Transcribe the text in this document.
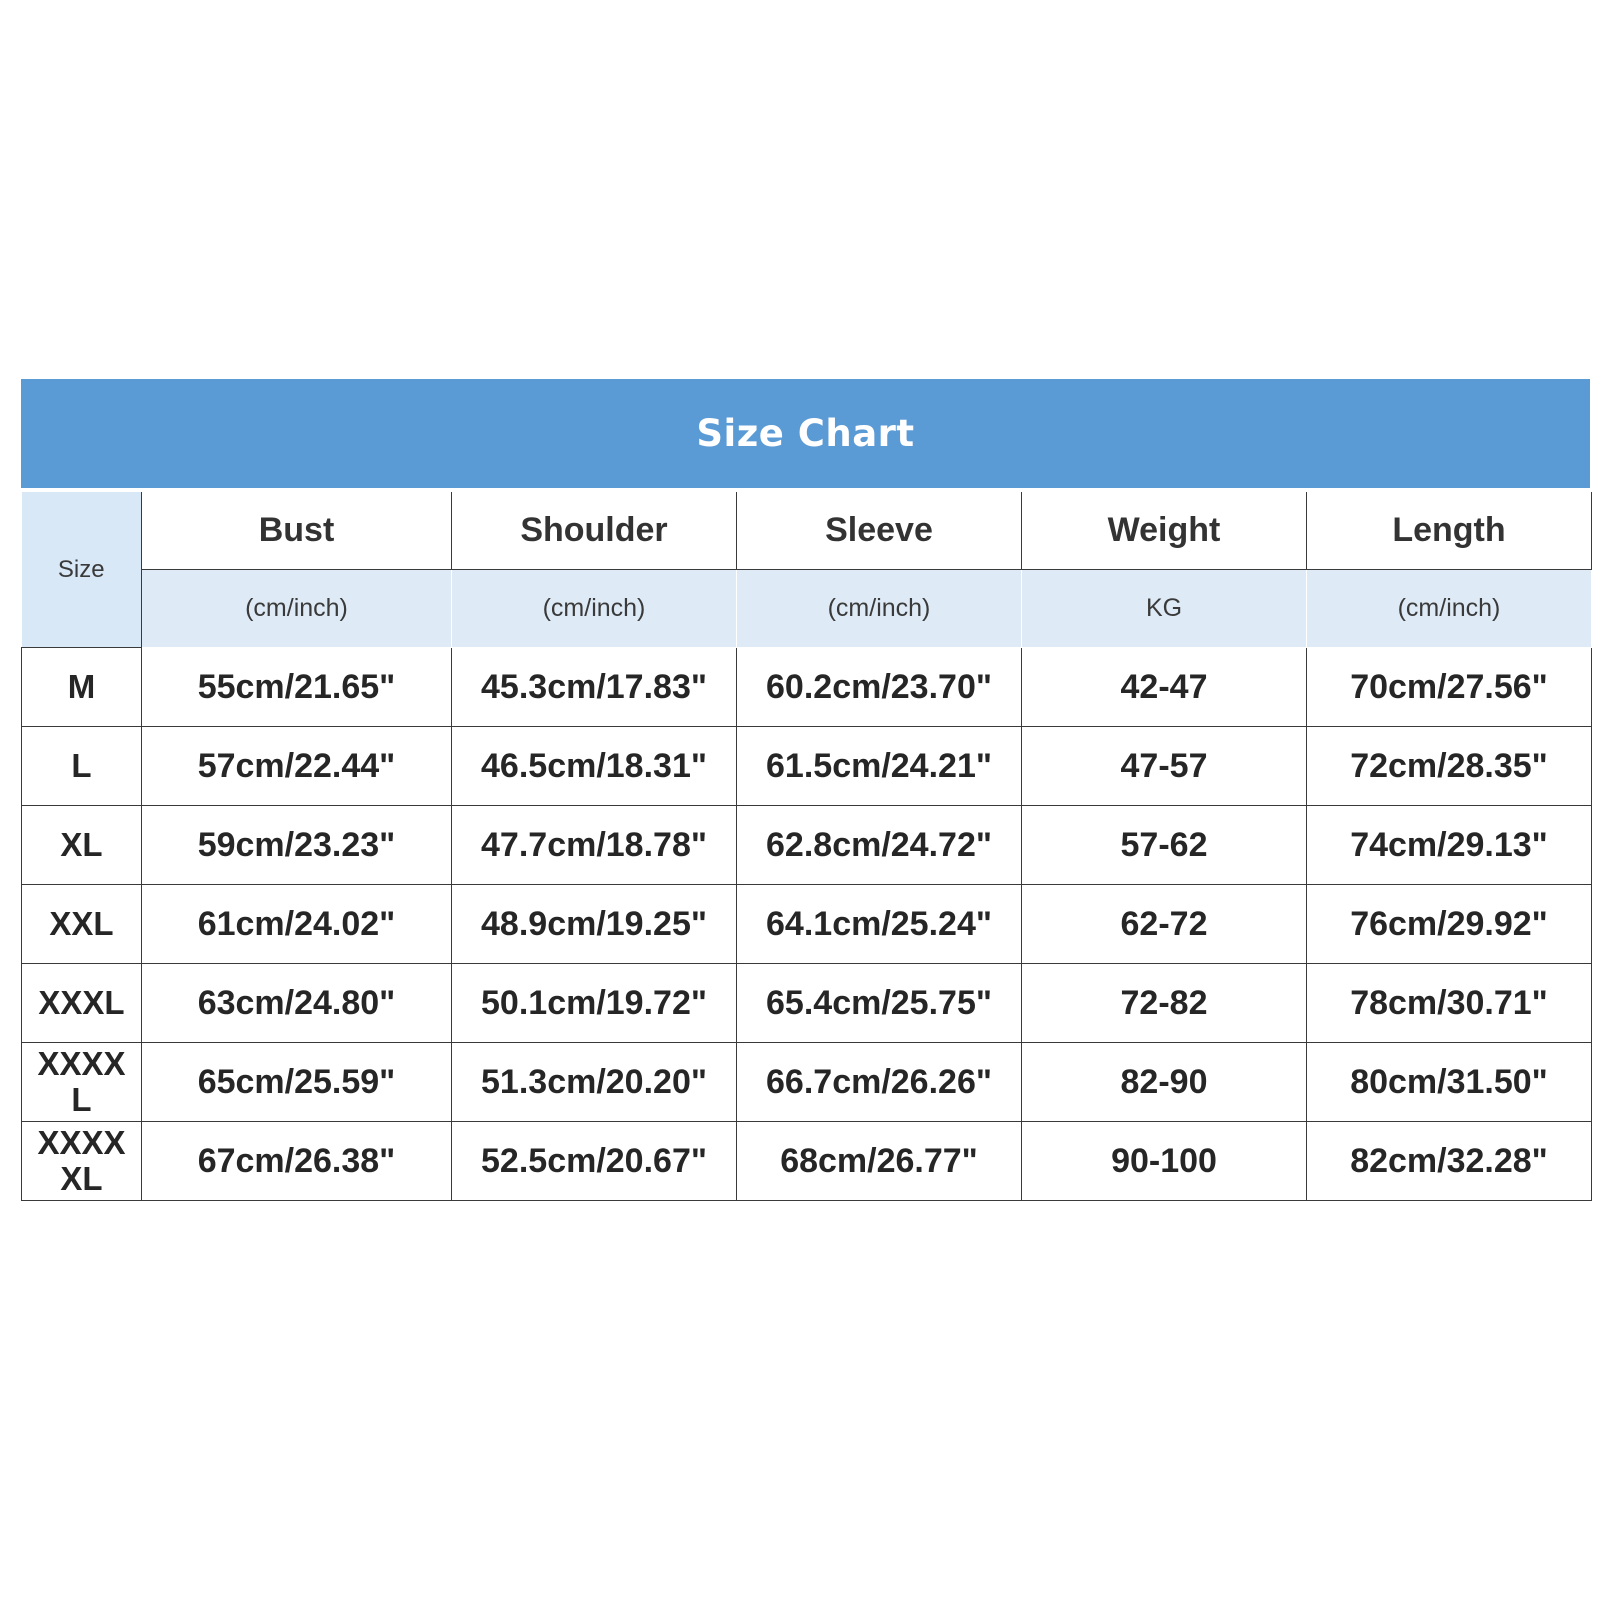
Size Chart
Size	Bust	Shoulder	Sleeve	Weight	Length
	(cm/inch)	(cm/inch)	(cm/inch)	KG	(cm/inch)
M	55cm/21.65"	45.3cm/17.83"	60.2cm/23.70"	42-47	70cm/27.56"
L	57cm/22.44"	46.5cm/18.31"	61.5cm/24.21"	47-57	72cm/28.35"
XL	59cm/23.23"	47.7cm/18.78"	62.8cm/24.72"	57-62	74cm/29.13"
XXL	61cm/24.02"	48.9cm/19.25"	64.1cm/25.24"	62-72	76cm/29.92"
XXXL	63cm/24.80"	50.1cm/19.72"	65.4cm/25.75"	72-82	78cm/30.71"
XXXXL	65cm/25.59"	51.3cm/20.20"	66.7cm/26.26"	82-90	80cm/31.50"
XXXXXL	67cm/26.38"	52.5cm/20.67"	68cm/26.77"	90-100	82cm/32.28"
